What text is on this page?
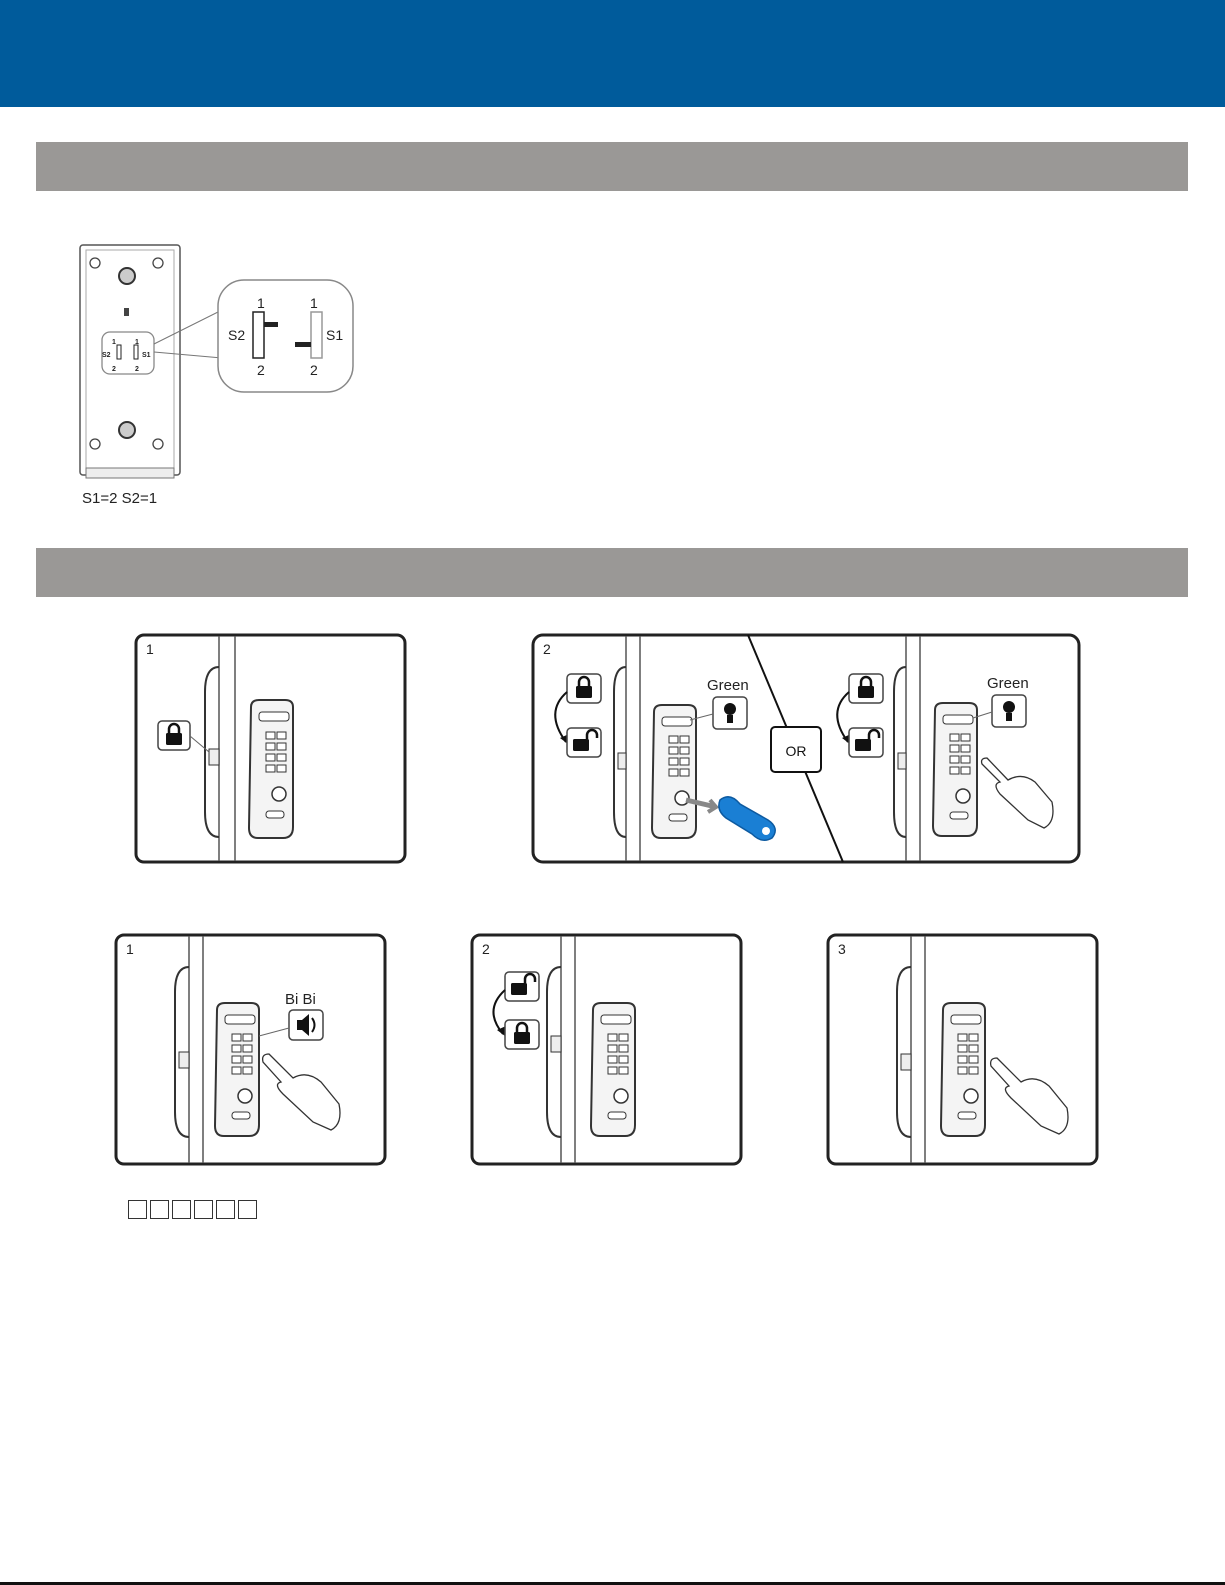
1	1
S2	S1
2	2
1
2
1
2
S2	S1
S1=2 S2=1
1	2
Green	Green
OR
1
Bi Bi
2	3
